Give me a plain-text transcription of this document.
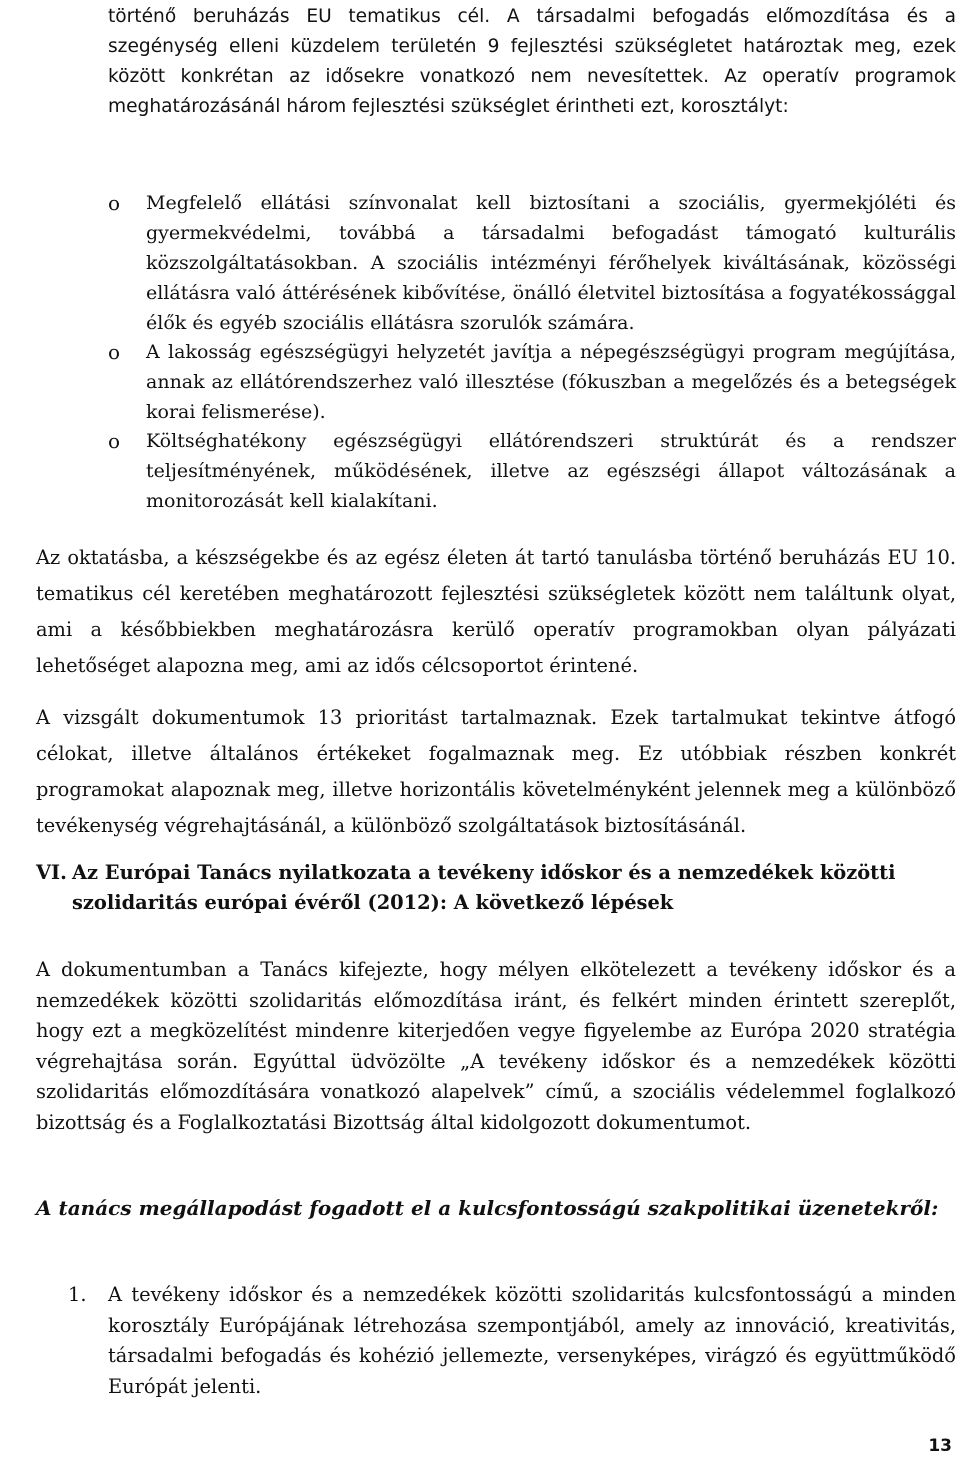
történő beruházás EU tematikus cél. A társadalmi befogadás előmozdítása és a szegénység elleni küzdelem területén 9 fejlesztési szükségletet határoztak meg, ezek között konkrétan az idősekre vonatkozó nem nevesítettek. Az operatív programok meghatározásánál három fejlesztési szükséglet érintheti ezt, korosztályt:
o	Megfelelő ellátási színvonalat kell biztosítani a szociális, gyermekjóléti és gyermekvédelmi, továbbá a társadalmi befogadást támogató kulturális közszolgáltatásokban. A szociális intézményi férőhelyek kiváltásának, közösségi ellátásra való áttérésének kibővítése, önálló életvitel biztosítása a fogyatékossággal élők és egyéb szociális ellátásra szorulók számára.
o	A lakosság egészségügyi helyzetét javítja a népegészségügyi program megújítása, annak az ellátórendszerhez való illesztése (fókuszban a megelőzés és a betegségek korai felismerése).
o	Költséghatékony egészségügyi ellátórendszeri struktúrát és a rendszer teljesítményének, működésének, illetve az egészségi állapot változásának a monitorozását kell kialakítani.
Az oktatásba, a készségekbe és az egész életen át tartó tanulásba történő beruházás EU 10. tematikus cél keretében meghatározott fejlesztési szükségletek között nem találtunk olyat, ami a későbbiekben meghatározásra kerülő operatív programokban olyan pályázati lehetőséget alapozna meg, ami az idős célcsoportot érintené.
A vizsgált dokumentumok 13 prioritást tartalmaznak. Ezek tartalmukat tekintve átfogó célokat, illetve általános értékeket fogalmaznak meg. Ez utóbbiak részben konkrét programokat alapoznak meg, illetve horizontális követelményként jelennek meg a különböző tevékenység végrehajtásánál, a különböző szolgáltatások biztosításánál.
VI. Az Európai Tanács nyilatkozata a tevékeny időskor és a nemzedékek közötti szolidaritás európai évéről (2012): A következő lépések
A dokumentumban a Tanács kifejezte, hogy mélyen elkötelezett a tevékeny időskor és a nemzedékek közötti szolidaritás előmozdítása iránt, és felkért minden érintett szereplőt, hogy ezt a megközelítést mindenre kiterjedően vegye figyelembe az Európa 2020 stratégia végrehajtása során. Egyúttal üdvözölte „A tevékeny időskor és a nemzedékek közötti szolidaritás előmozdítására vonatkozó alapelvek” című, a szociális védelemmel foglalkozó bizottság és a Foglalkoztatási Bizottság által kidolgozott dokumentumot.
A tanács megállapodást fogadott el a kulcsfontosságú szakpolitikai üzenetekről:
1. A tevékeny időskor és a nemzedékek közötti szolidaritás kulcsfontosságú a minden korosztály Európájának létrehozása szempontjából, amely az innováció, kreativitás, társadalmi befogadás és kohézió jellemezte, versenyképes, virágzó és együttműködő Európát jelenti.
13
